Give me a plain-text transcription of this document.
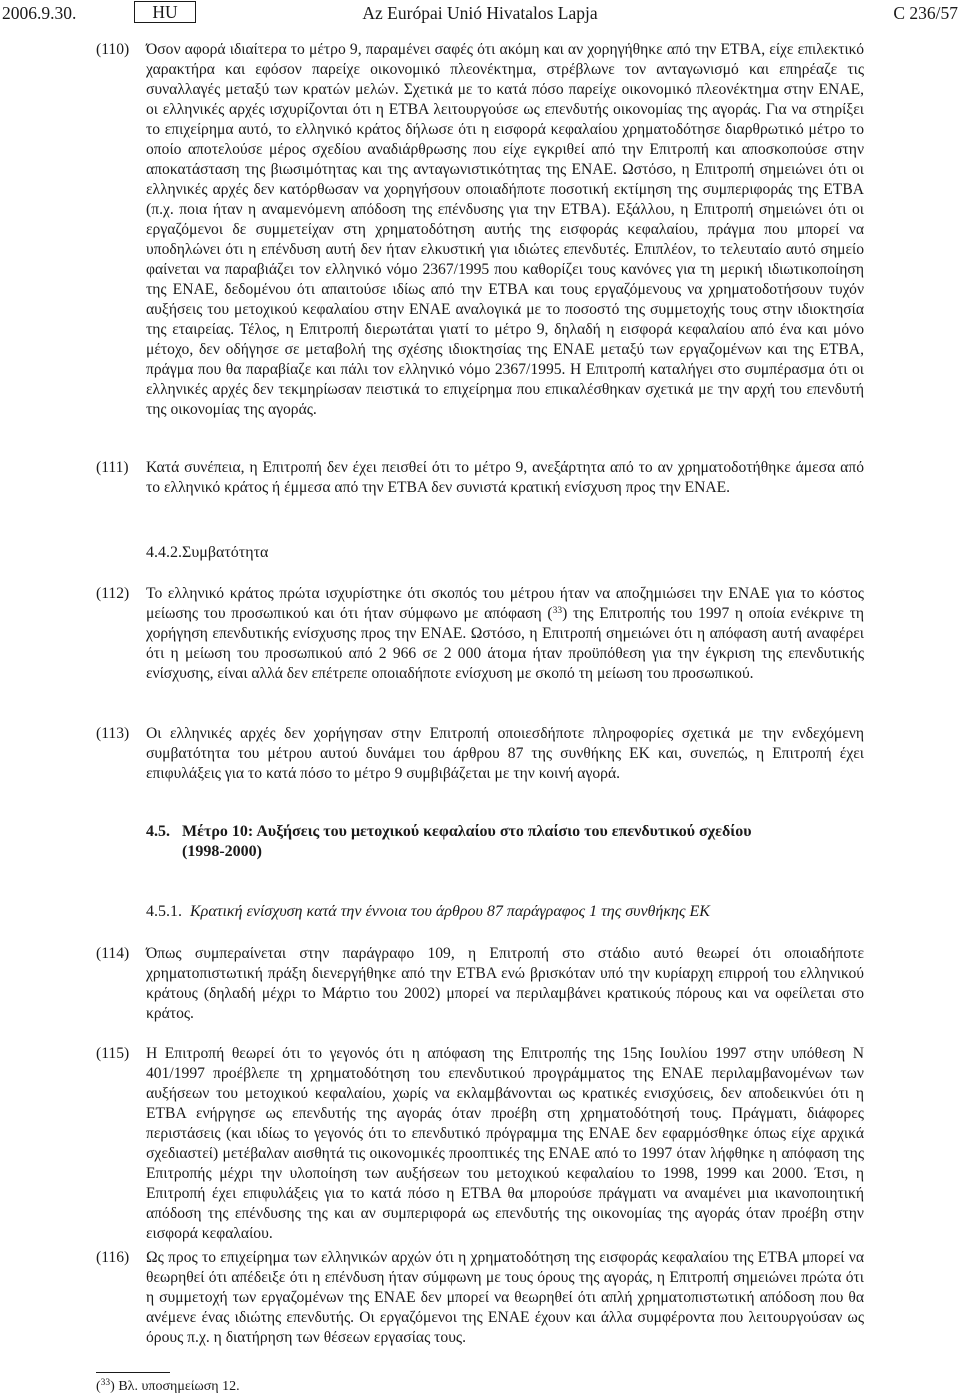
2006.9.30.	HU	Az Európai Unió Hivatalos Lapja	C 236/57
(110) Όσον αφορά ιδιαίτερα το μέτρο 9, παραμένει σαφές ότι ακόμη και αν χορηγήθηκε από την ΕΤΒΑ, είχε επιλεκτικό χαρακτήρα και εφόσον παρείχε οικονομικό πλεονέκτημα, στρέβλωνε τον ανταγωνισμό και επηρέαζε τις συναλλαγές μεταξύ των κρατών μελών. Σχετικά με το κατά πόσο παρείχε οικονομικό πλεονέκτημα στην ΕΝΑΕ, οι ελληνικές αρχές ισχυρίζονται ότι η ΕΤΒΑ λειτουργούσε ως επενδυτής οικονομίας της αγοράς. Για να στηρίξει το επιχείρημα αυτό, το ελληνικό κράτος δήλωσε ότι η εισφορά κεφαλαίου χρηματοδότησε διαρθρωτικό μέτρο το οποίο αποτελούσε μέρος σχεδίου αναδιάρθρωσης που είχε εγκριθεί από την Επιτροπή και αποσκοπούσε στην αποκατάσταση της βιωσιμότητας και της ανταγωνιστικότητας της ΕΝΑΕ. Ωστόσο, η Επιτροπή σημειώνει ότι οι ελληνικές αρχές δεν κατόρθωσαν να χορηγήσουν οποιαδήποτε ποσοτική εκτίμηση της συμπεριφοράς της ΕΤΒΑ (π.χ. ποια ήταν η αναμενόμενη απόδοση της επένδυσης για την ΕΤΒΑ). Εξάλλου, η Επιτροπή σημειώνει ότι οι εργαζόμενοι δε συμμετείχαν στη χρηματοδότηση αυτής της εισφοράς κεφαλαίου, πράγμα που μπορεί να υποδηλώνει ότι η επένδυση αυτή δεν ήταν ελκυστική για ιδιώτες επενδυτές. Επιπλέον, το τελευταίο αυτό σημείο φαίνεται να παραβιάζει τον ελληνικό νόμο 2367/1995 που καθορίζει τους κανόνες για τη μερική ιδιωτικοποίηση της ΕΝΑΕ, δεδομένου ότι απαιτούσε ιδίως από την ΕΤΒΑ και τους εργαζόμενους να χρηματοδοτήσουν τυχόν αυξήσεις του μετοχικού κεφαλαίου στην ΕΝΑΕ αναλογικά με το ποσοστό της συμμετοχής τους στην ιδιοκτησία της εταιρείας. Τέλος, η Επιτροπή διερωτάται γιατί το μέτρο 9, δηλαδή η εισφορά κεφαλαίου από ένα και μόνο μέτοχο, δεν οδήγησε σε μεταβολή της σχέσης ιδιοκτησίας της ΕΝΑΕ μεταξύ των εργαζομένων και της ΕΤΒΑ, πράγμα που θα παραβίαζε και πάλι τον ελληνικό νόμο 2367/1995. Η Επιτροπή καταλήγει στο συμπέρασμα ότι οι ελληνικές αρχές δεν τεκμηρίωσαν πειστικά το επιχείρημα που επικαλέσθηκαν σχετικά με την αρχή του επενδυτή της οικονομίας της αγοράς.
(111) Κατά συνέπεια, η Επιτροπή δεν έχει πεισθεί ότι το μέτρο 9, ανεξάρτητα από το αν χρηματοδοτήθηκε άμεσα από το ελληνικό κράτος ή έμμεσα από την ΕΤΒΑ δεν συνιστά κρατική ενίσχυση προς την ΕΝΑΕ.
4.4.2.Συμβατότητα
(112) Το ελληνικό κράτος πρώτα ισχυρίστηκε ότι σκοπός του μέτρου ήταν να αποζημιώσει την ΕΝΑΕ για το κόστος μείωσης του προσωπικού και ότι ήταν σύμφωνο με απόφαση ($^{33}$) της Επιτροπής του 1997 η οποία ενέκρινε τη χορήγηση επενδυτικής ενίσχυσης προς την ΕΝΑΕ. Ωστόσο, η Επιτροπή σημειώνει ότι η απόφαση αυτή αναφέρει ότι η μείωση του προσωπικού από 2 966 σε 2 000 άτομα ήταν προϋπόθεση για την έγκριση της επενδυτικής ενίσχυσης, είναι αλλά δεν επέτρεπε οποιαδήποτε ενίσχυση με σκοπό τη μείωση του προσωπικού.
(113) Οι ελληνικές αρχές δεν χορήγησαν στην Επιτροπή οποιεσδήποτε πληροφορίες σχετικά με την ενδεχόμενη συμβατότητα του μέτρου αυτού δυνάμει του άρθρου 87 της συνθήκης ΕΚ και, συνεπώς, η Επιτροπή έχει επιφυλάξεις για το κατά πόσο το μέτρο 9 συμβιβάζεται με την κοινή αγορά.
4.5. Μέτρο 10: Αυξήσεις του μετοχικού κεφαλαίου στο πλαίσιο του επενδυτικού σχεδίου
(1998-2000)
4.5.1. Κρατική ενίσχυση κατά την έννοια του άρθρου 87 παράγραφος 1 της συνθήκης ΕΚ
(114) Όπως συμπεραίνεται στην παράγραφο 109, η Επιτροπή στο στάδιο αυτό θεωρεί ότι οποιαδήποτε χρηματοπιστωτική πράξη διενεργήθηκε από την ΕΤΒΑ ενώ βρισκόταν υπό την κυρίαρχη επιρροή του ελληνικού κράτους (δηλαδή μέχρι το Μάρτιο του 2002) μπορεί να περιλαμβάνει κρατικούς πόρους και να οφείλεται στο κράτος.
(115) Η Επιτροπή θεωρεί ότι το γεγονός ότι η απόφαση της Επιτροπής της 15ης Ιουλίου 1997 στην υπόθεση Ν 401/1997 προέβλεπε τη χρηματοδότηση του επενδυτικού προγράμματος της ΕΝΑΕ περιλαμβανομένων των αυξήσεων του μετοχικού κεφαλαίου, χωρίς να εκλαμβάνονται ως κρατικές ενισχύσεις, δεν αποδεικνύει ότι η ΕΤΒΑ ενήργησε ως επενδυτής της αγοράς όταν προέβη στη χρηματοδότησή τους. Πράγματι, διάφορες περιστάσεις (και ιδίως το γεγονός ότι το επενδυτικό πρόγραμμα της ΕΝΑΕ δεν εφαρμόσθηκε όπως είχε αρχικά σχεδιαστεί) μετέβαλαν αισθητά τις οικονομικές προοπτικές της ΕΝΑΕ από το 1997 όταν λήφθηκε η απόφαση της Επιτροπής μέχρι την υλοποίηση των αυξήσεων του μετοχικού κεφαλαίου το 1998, 1999 και 2000. Έτσι, η Επιτροπή έχει επιφυλάξεις για το κατά πόσο η ΕΤΒΑ θα μπορούσε πράγματι να αναμένει μια ικανοποιητική απόδοση της επένδυσης της και αν συμπεριφορά ως επενδυτής της οικονομίας της αγοράς όταν προέβη στην εισφορά κεφαλαίου.
(116) Ως προς το επιχείρημα των ελληνικών αρχών ότι η χρηματοδότηση της εισφοράς κεφαλαίου της ΕΤΒΑ μπορεί να θεωρηθεί ότι απέδειξε ότι η επένδυση ήταν σύμφωνη με τους όρους της αγοράς, η Επιτροπή σημειώνει πρώτα ότι η συμμετοχή των εργαζομένων της ΕΝΑΕ δεν μπορεί να θεωρηθεί ότι απλή χρηματοπιστωτική απόδοση που θα ανέμενε ένας ιδιώτης επενδυτής. Οι εργαζόμενοι της ΕΝΑΕ έχουν και άλλα συμφέροντα που λειτουργούσαν ως όρους π.χ. η διατήρηση των θέσεων εργασίας τους.
($^{33}$) Βλ. υποσημείωση 12.
